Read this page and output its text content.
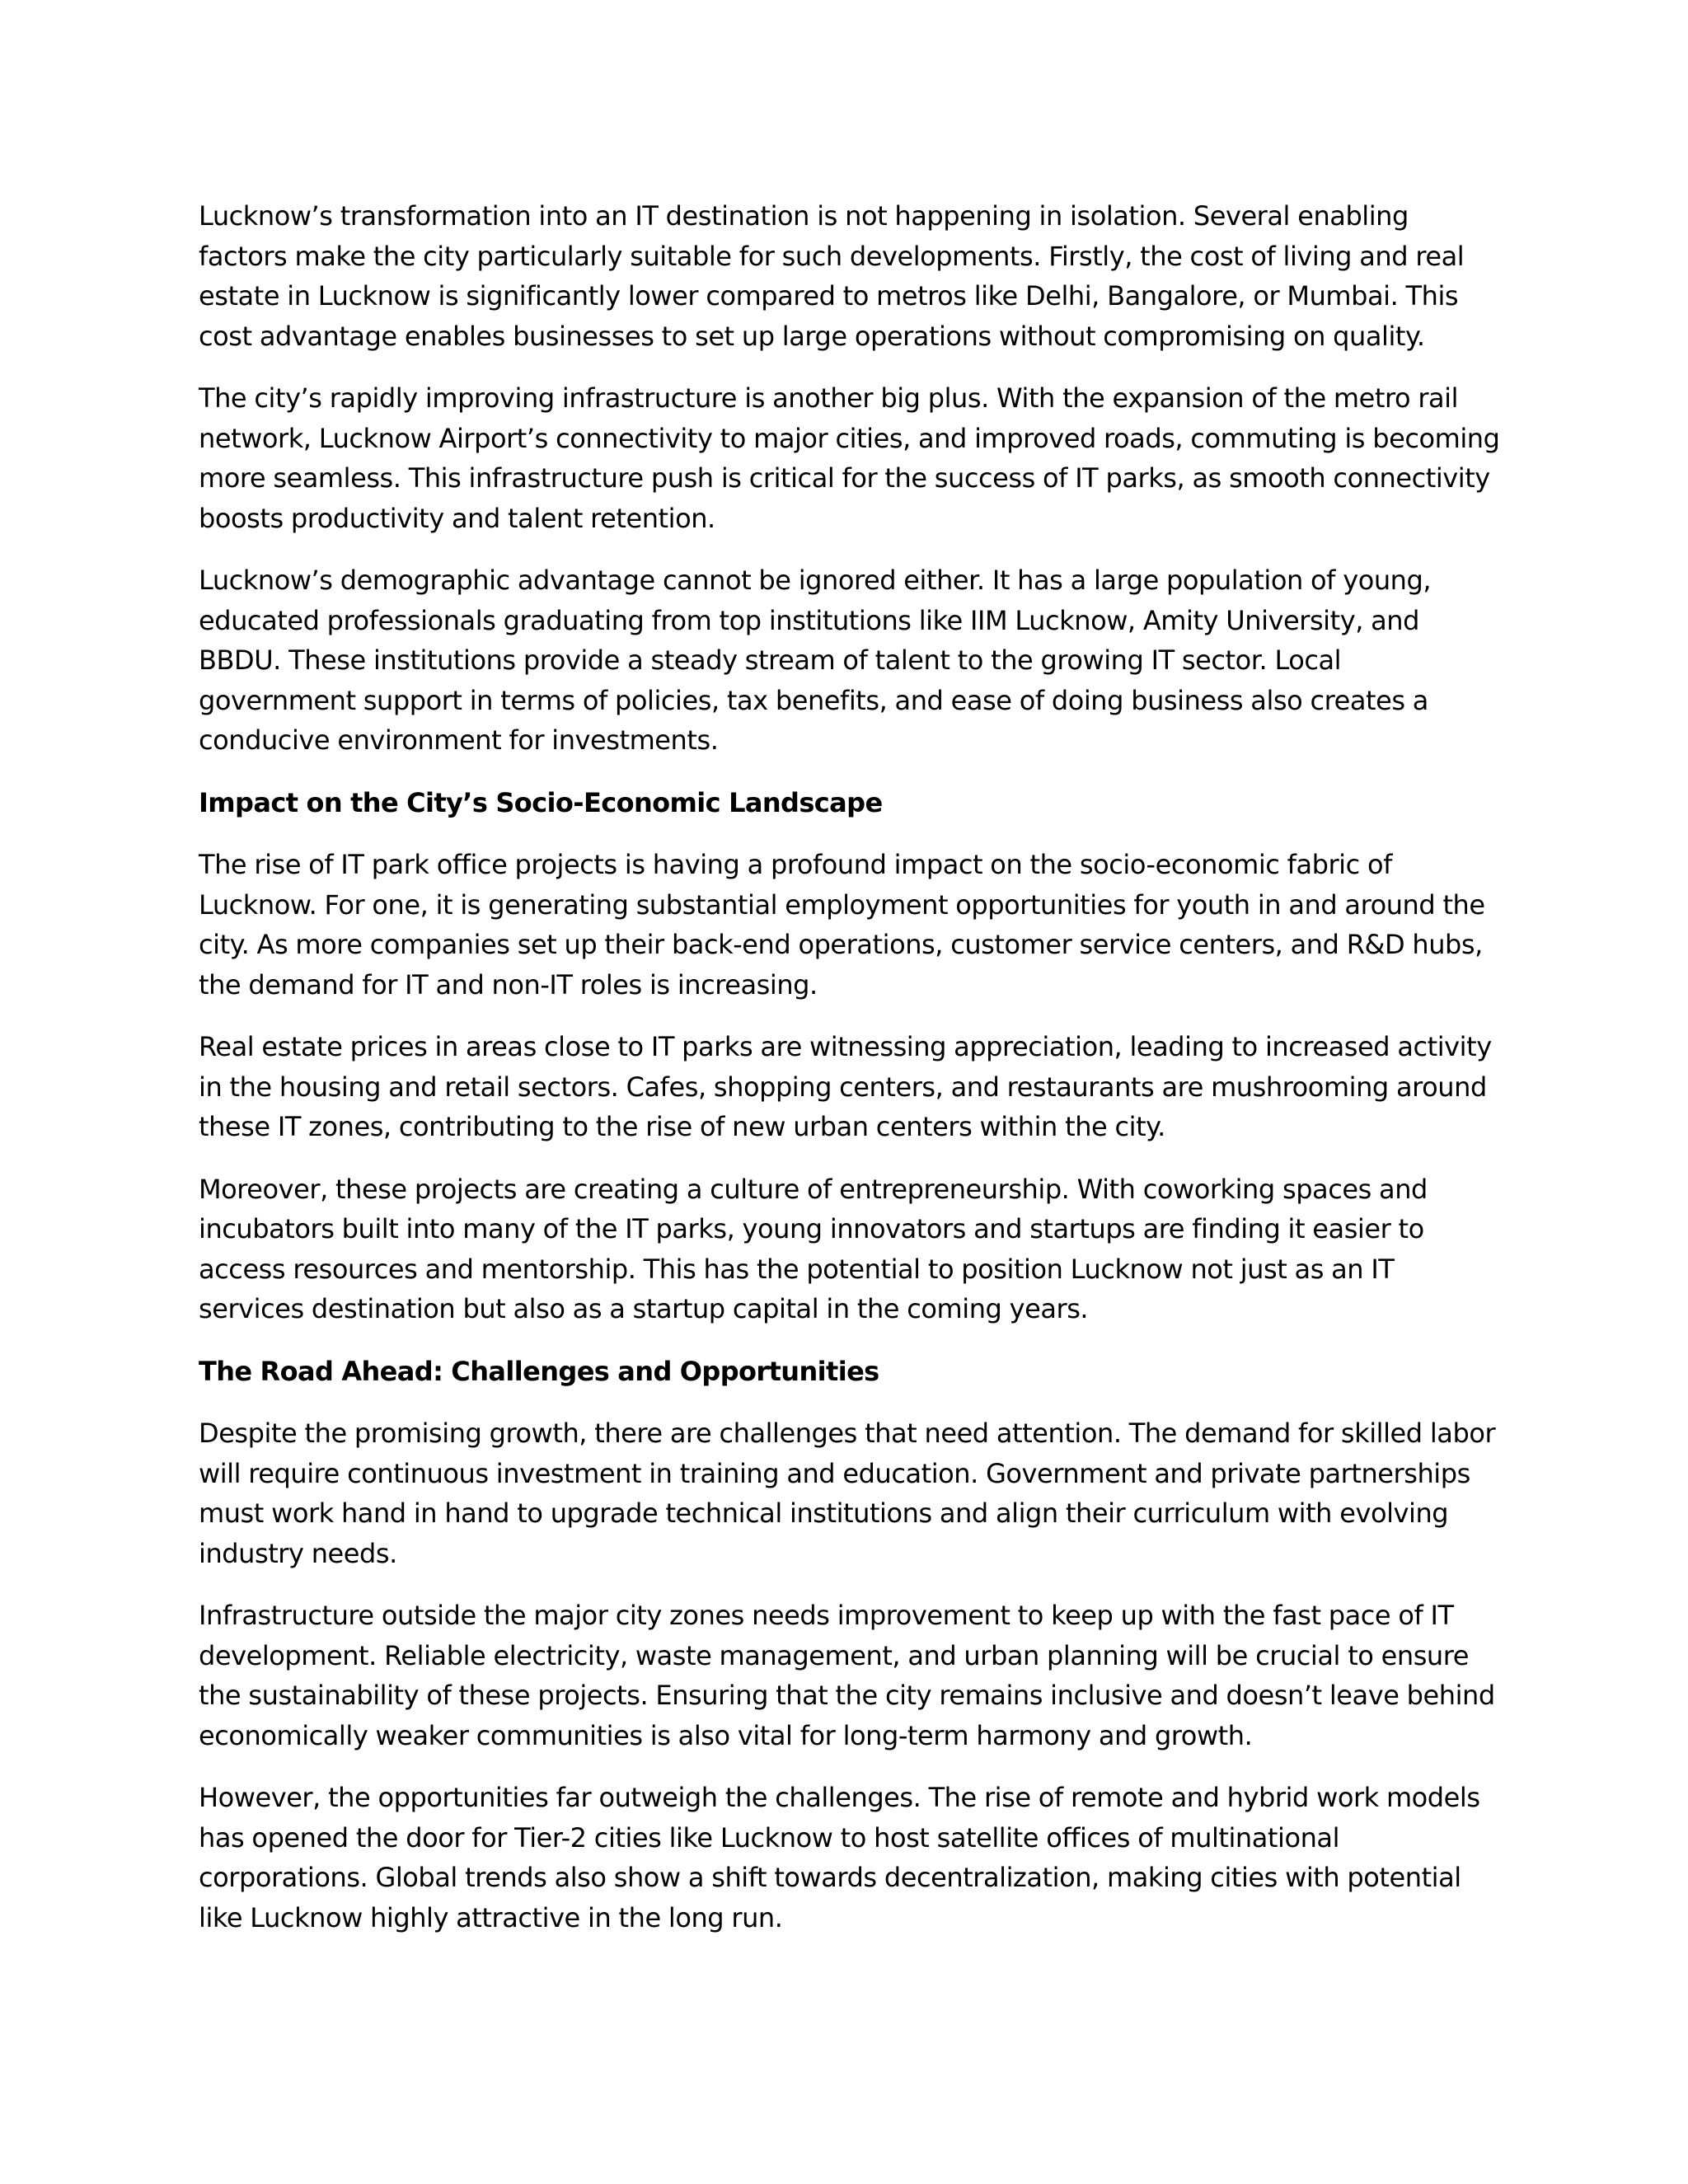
Lucknow’s transformation into an IT destination is not happening in isolation. Several enabling factors make the city particularly suitable for such developments. Firstly, the cost of living and real estate in Lucknow is significantly lower compared to metros like Delhi, Bangalore, or Mumbai. This cost advantage enables businesses to set up large operations without compromising on quality.

The city’s rapidly improving infrastructure is another big plus. With the expansion of the metro rail network, Lucknow Airport’s connectivity to major cities, and improved roads, commuting is becoming more seamless. This infrastructure push is critical for the success of IT parks, as smooth connectivity boosts productivity and talent retention.

Lucknow’s demographic advantage cannot be ignored either. It has a large population of young, educated professionals graduating from top institutions like IIM Lucknow, Amity University, and BBDU. These institutions provide a steady stream of talent to the growing IT sector. Local government support in terms of policies, tax benefits, and ease of doing business also creates a conducive environment for investments.

Impact on the City’s Socio-Economic Landscape

The rise of IT park office projects is having a profound impact on the socio-economic fabric of Lucknow. For one, it is generating substantial employment opportunities for youth in and around the city. As more companies set up their back-end operations, customer service centers, and R&D hubs, the demand for IT and non-IT roles is increasing.

Real estate prices in areas close to IT parks are witnessing appreciation, leading to increased activity in the housing and retail sectors. Cafes, shopping centers, and restaurants are mushrooming around these IT zones, contributing to the rise of new urban centers within the city.

Moreover, these projects are creating a culture of entrepreneurship. With coworking spaces and incubators built into many of the IT parks, young innovators and startups are finding it easier to access resources and mentorship. This has the potential to position Lucknow not just as an IT services destination but also as a startup capital in the coming years.

The Road Ahead: Challenges and Opportunities

Despite the promising growth, there are challenges that need attention. The demand for skilled labor will require continuous investment in training and education. Government and private partnerships must work hand in hand to upgrade technical institutions and align their curriculum with evolving industry needs.

Infrastructure outside the major city zones needs improvement to keep up with the fast pace of IT development. Reliable electricity, waste management, and urban planning will be crucial to ensure the sustainability of these projects. Ensuring that the city remains inclusive and doesn’t leave behind economically weaker communities is also vital for long-term harmony and growth.

However, the opportunities far outweigh the challenges. The rise of remote and hybrid work models has opened the door for Tier-2 cities like Lucknow to host satellite offices of multinational corporations. Global trends also show a shift towards decentralization, making cities with potential like Lucknow highly attractive in the long run.
